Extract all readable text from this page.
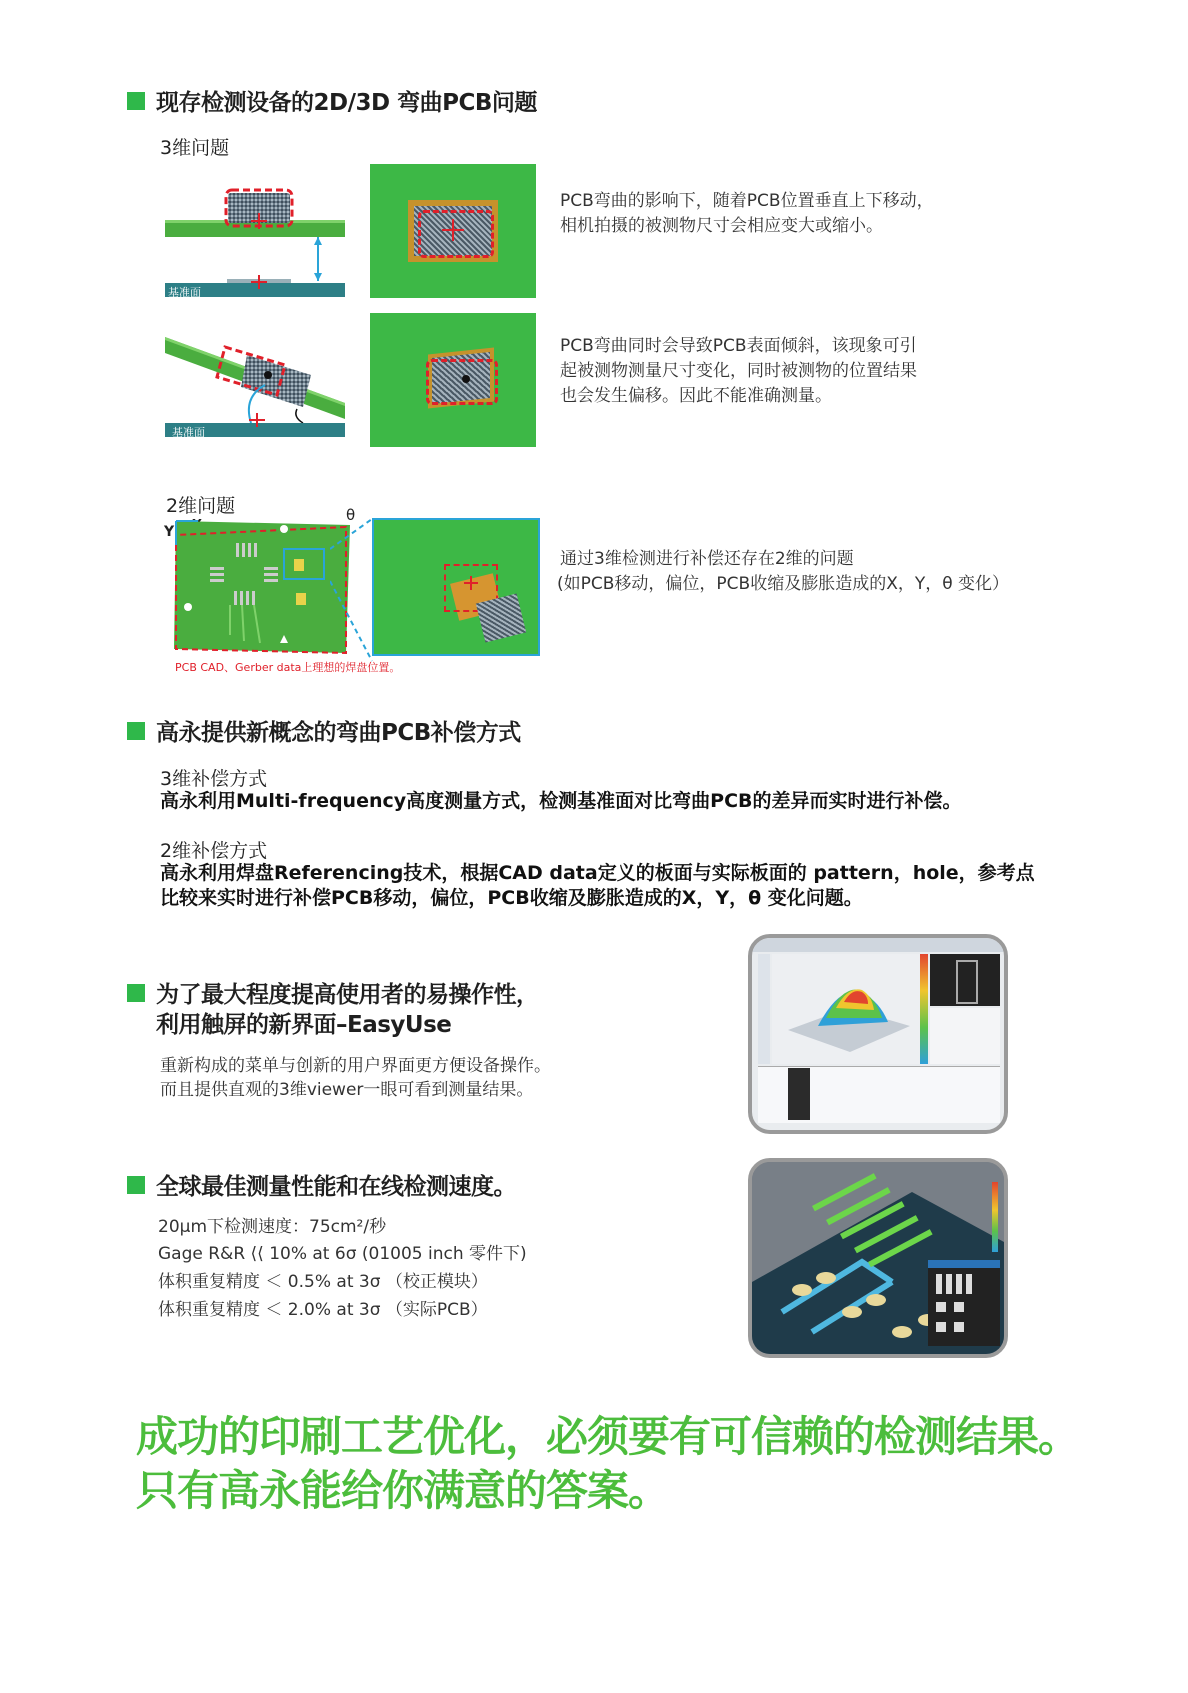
现存检测设备的2D/3D 弯曲PCB问题
3维问题
基准面
PCB弯曲的影响下，随着PCB位置垂直上下移动，
相机拍摄的被测物尺寸会相应变大或缩小。
基准面
PCB弯曲同时会导致PCB表面倾斜，该现象可引
起被测物测量尺寸变化，同时被测物的位置结果
也会发生偏移。因此不能准确测量。
2维问题
Y
θ
PCB CAD、Gerber data上理想的焊盘位置。
通过3维检测进行补偿还存在2维的问题
(如PCB移动，偏位，PCB收缩及膨胀造成的X，Y，θ 变化）
高永提供新概念的弯曲PCB补偿方式
3维补偿方式
高永利用Multi-frequency高度测量方式，检测基准面对比弯曲PCB的差异而实时进行补偿。
2维补偿方式
高永利用焊盘Referencing技术，根据CAD data定义的板面与实际板面的 pattern，hole，参考点
比较来实时进行补偿PCB移动，偏位，PCB收缩及膨胀造成的X，Y，θ 变化问题。
为了最大程度提高使用者的易操作性，
利用触屏的新界面–EasyUse
重新构成的菜单与创新的用户界面更方便设备操作。
而且提供直观的3维viewer一眼可看到测量结果。
全球最佳测量性能和在线检测速度。
20μm下检测速度：75cm²/秒
Gage R&R ⟨⟨ 10% at 6σ (01005 inch 零件下)
体积重复精度 ＜ 0.5% at 3σ （校正模块）
体积重复精度 ＜ 2.0% at 3σ （实际PCB）
成功的印刷工艺优化，必须要有可信赖的检测结果。
只有高永能给你满意的答案。
